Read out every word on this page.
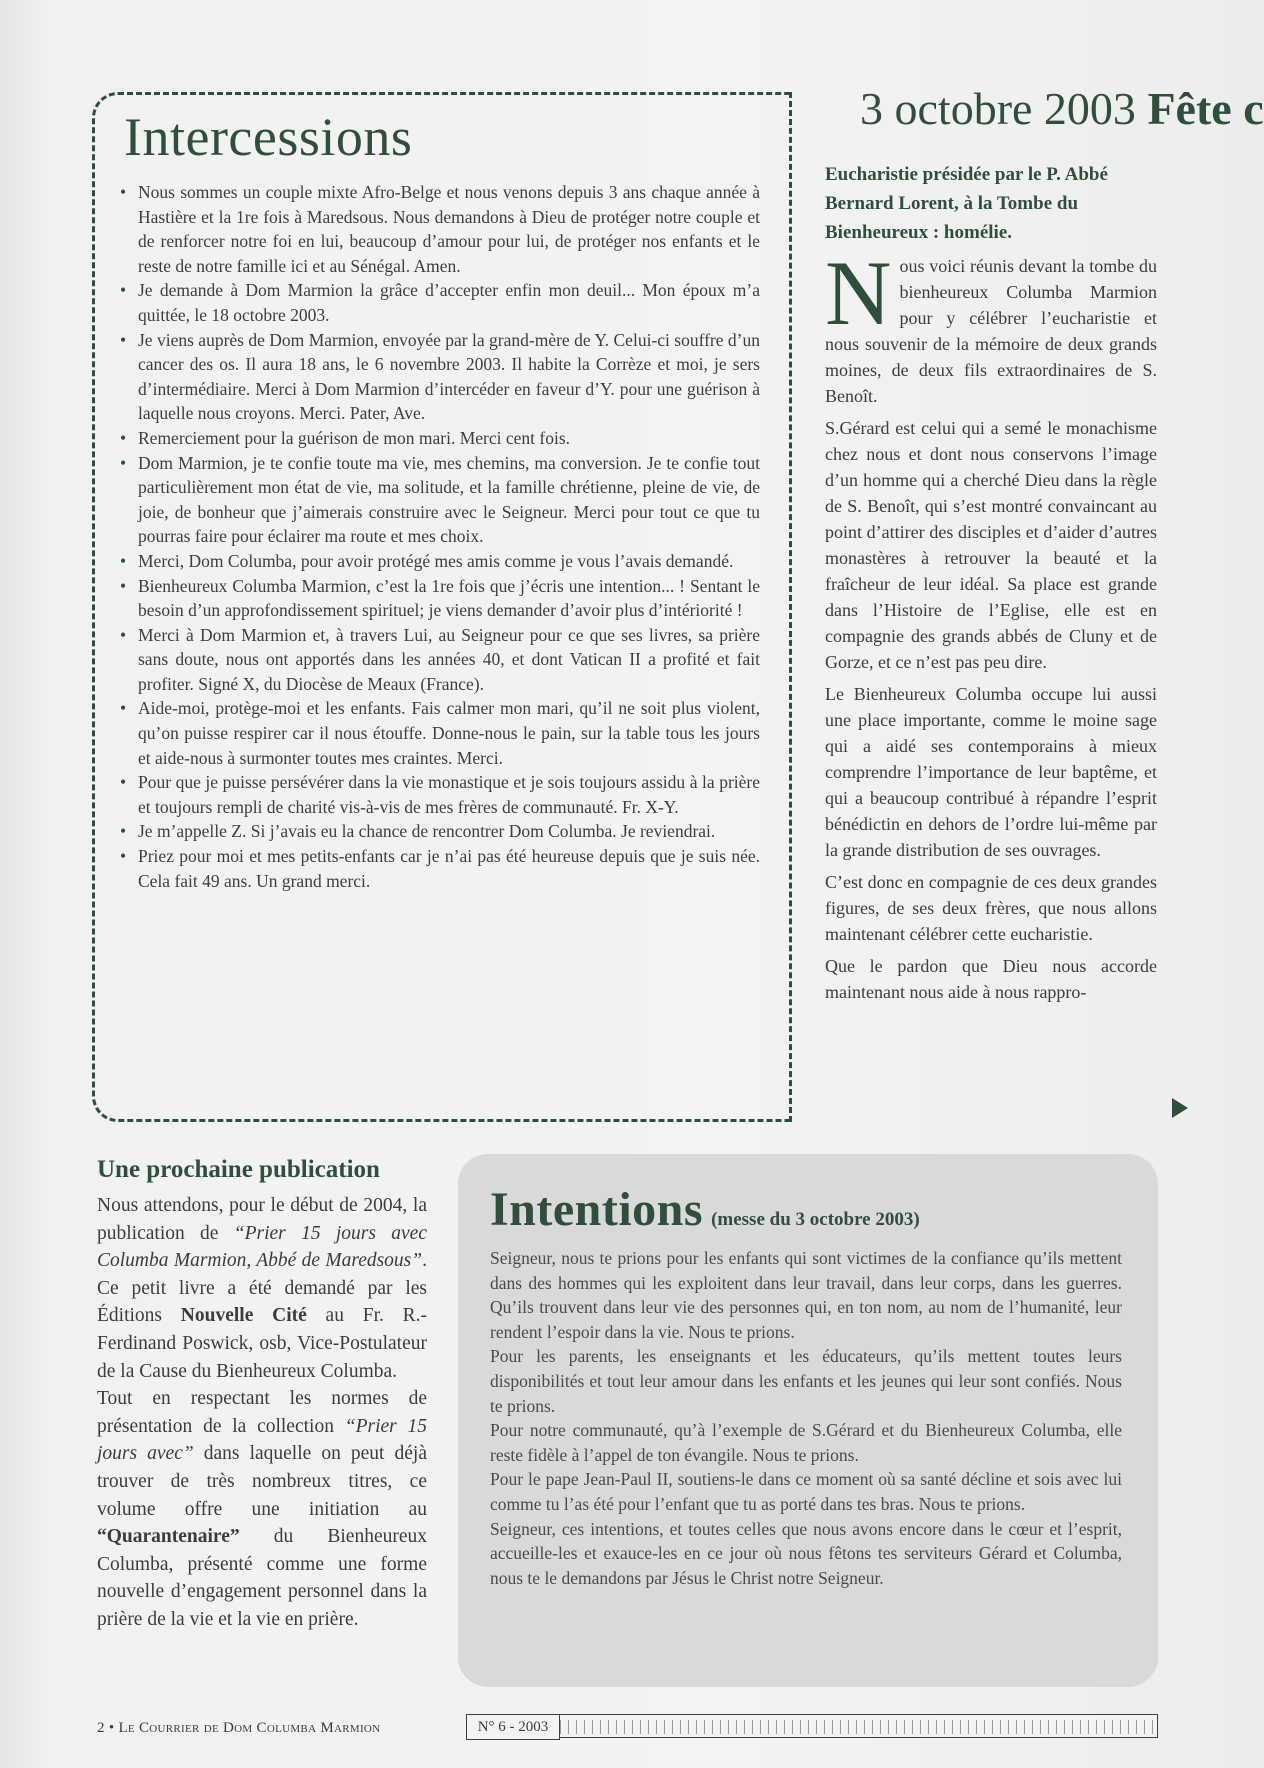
Intercessions
• Nous sommes un couple mixte Afro-Belge et nous venons depuis 3 ans chaque année à Hastière et la 1re fois à Maredsous. Nous demandons à Dieu de protéger notre couple et de renforcer notre foi en lui, beaucoup d’amour pour lui, de protéger nos enfants et le reste de notre famille ici et au Sénégal. Amen.
• Je demande à Dom Marmion la grâce d’accepter enfin mon deuil... Mon époux m’a quittée, le 18 octobre 2003.
• Je viens auprès de Dom Marmion, envoyée par la grand-mère de Y. Celui-ci souffre d’un cancer des os. Il aura 18 ans, le 6 novembre 2003. Il habite la Corrèze et moi, je sers d’intermédiaire. Merci à Dom Marmion d’intercéder en faveur d’Y. pour une guérison à laquelle nous croyons. Merci. Pater, Ave.
• Remerciement pour la guérison de mon mari. Merci cent fois.
• Dom Marmion, je te confie toute ma vie, mes chemins, ma conversion. Je te confie tout particulièrement mon état de vie, ma solitude, et la famille chrétienne, pleine de vie, de joie, de bonheur que j’aimerais construire avec le Seigneur. Merci pour tout ce que tu pourras faire pour éclairer ma route et mes choix.
• Merci, Dom Columba, pour avoir protégé mes amis comme je vous l’avais demandé.
• Bienheureux Columba Marmion, c’est la 1re fois que j’écris une intention... ! Sentant le besoin d’un approfondissement spirituel; je viens demander d’avoir plus d’intériorité !
• Merci à Dom Marmion et, à travers Lui, au Seigneur pour ce que ses livres, sa prière sans doute, nous ont apportés dans les années 40, et dont Vatican II a profité et fait profiter. Signé X, du Diocèse de Meaux (France).
• Aide-moi, protège-moi et les enfants. Fais calmer mon mari, qu’il ne soit plus violent, qu’on puisse respirer car il nous étouffe. Donne-nous le pain, sur la table tous les jours et aide-nous à surmonter toutes mes craintes. Merci.
• Pour que je puisse persévérer dans la vie monastique et je sois toujours assidu à la prière et toujours rempli de charité vis-à-vis de mes frères de communauté. Fr. X-Y.
• Je m’appelle Z. Si j’avais eu la chance de rencontrer Dom Columba. Je reviendrai.
• Priez pour moi et mes petits-enfants car je n’ai pas été heureuse depuis que je suis née. Cela fait 49 ans. Un grand merci.
3 octobre 2003 Fête c
Eucharistie présidée par le P. Abbé Bernard Lorent, à la Tombe du Bienheureux : homélie.

Nous voici réunis devant la tombe du bienheureux Columba Marmion pour y célébrer l’eucharistie et nous souvenir de la mémoire de deux grands moines, de deux fils extraordinaires de S. Benoît.

S.Gérard est celui qui a semé le monachisme chez nous et dont nous conservons l’image d’un homme qui a cherché Dieu dans la règle de S. Benoît, qui s’est montré convaincant au point d’attirer des disciples et d’aider d’autres monastères à retrouver la beauté et la fraîcheur de leur idéal. Sa place est grande dans l’Histoire de l’Eglise, elle est en compagnie des grands abbés de Cluny et de Gorze, et ce n’est pas peu dire.

Le Bienheureux Columba occupe lui aussi une place importante, comme le moine sage qui a aidé ses contemporains à mieux comprendre l’importance de leur baptême, et qui a beaucoup contribué à répandre l’esprit bénédictin en dehors de l’ordre lui-même par la grande distribution de ses ouvrages.

C’est donc en compagnie de ces deux grandes figures, de ses deux frères, que nous allons maintenant célébrer cette eucharistie.

Que le pardon que Dieu nous accorde maintenant nous aide à nous rappro-

Une prochaine publication

Nous attendons, pour le début de 2004, la publication de “Prier 15 jours avec Columba Marmion, Abbé de Maredsous”. Ce petit livre a été demandé par les Éditions Nouvelle Cité au Fr. R.-Ferdinand Poswick, osb, Vice-Postulateur de la Cause du Bienheureux Columba.

Tout en respectant les normes de présentation de la collection “Prier 15 jours avec” dans laquelle on peut déjà trouver de très nombreux titres, ce volume offre une initiation au “Quarantenaire” du Bienheureux Columba, présenté comme une forme nouvelle d’engagement personnel dans la prière de la vie et la vie en prière.

Intentions (messe du 3 octobre 2003)

Seigneur, nous te prions pour les enfants qui sont victimes de la confiance qu’ils mettent dans des hommes qui les exploitent dans leur travail, dans leur corps, dans les guerres. Qu’ils trouvent dans leur vie des personnes qui, en ton nom, au nom de l’humanité, leur rendent l’espoir dans la vie. Nous te prions.

Pour les parents, les enseignants et les éducateurs, qu’ils mettent toutes leurs disponibilités et tout leur amour dans les enfants et les jeunes qui leur sont confiés. Nous te prions.

Pour notre communauté, qu’à l’exemple de S.Gérard et du Bienheureux Columba, elle reste fidèle à l’appel de ton évangile. Nous te prions.

Pour le pape Jean-Paul II, soutiens-le dans ce moment où sa santé décline et sois avec lui comme tu l’as été pour l’enfant que tu as porté dans tes bras. Nous te prions.

Seigneur, ces intentions, et toutes celles que nous avons encore dans le cœur et l’esprit, accueille-les et exauce-les en ce jour où nous fêtons tes serviteurs Gérard et Columba, nous te le demandons par Jésus le Christ notre Seigneur.

2 • Le Courrier de Dom Columba Marmion	N° 6 - 2003
